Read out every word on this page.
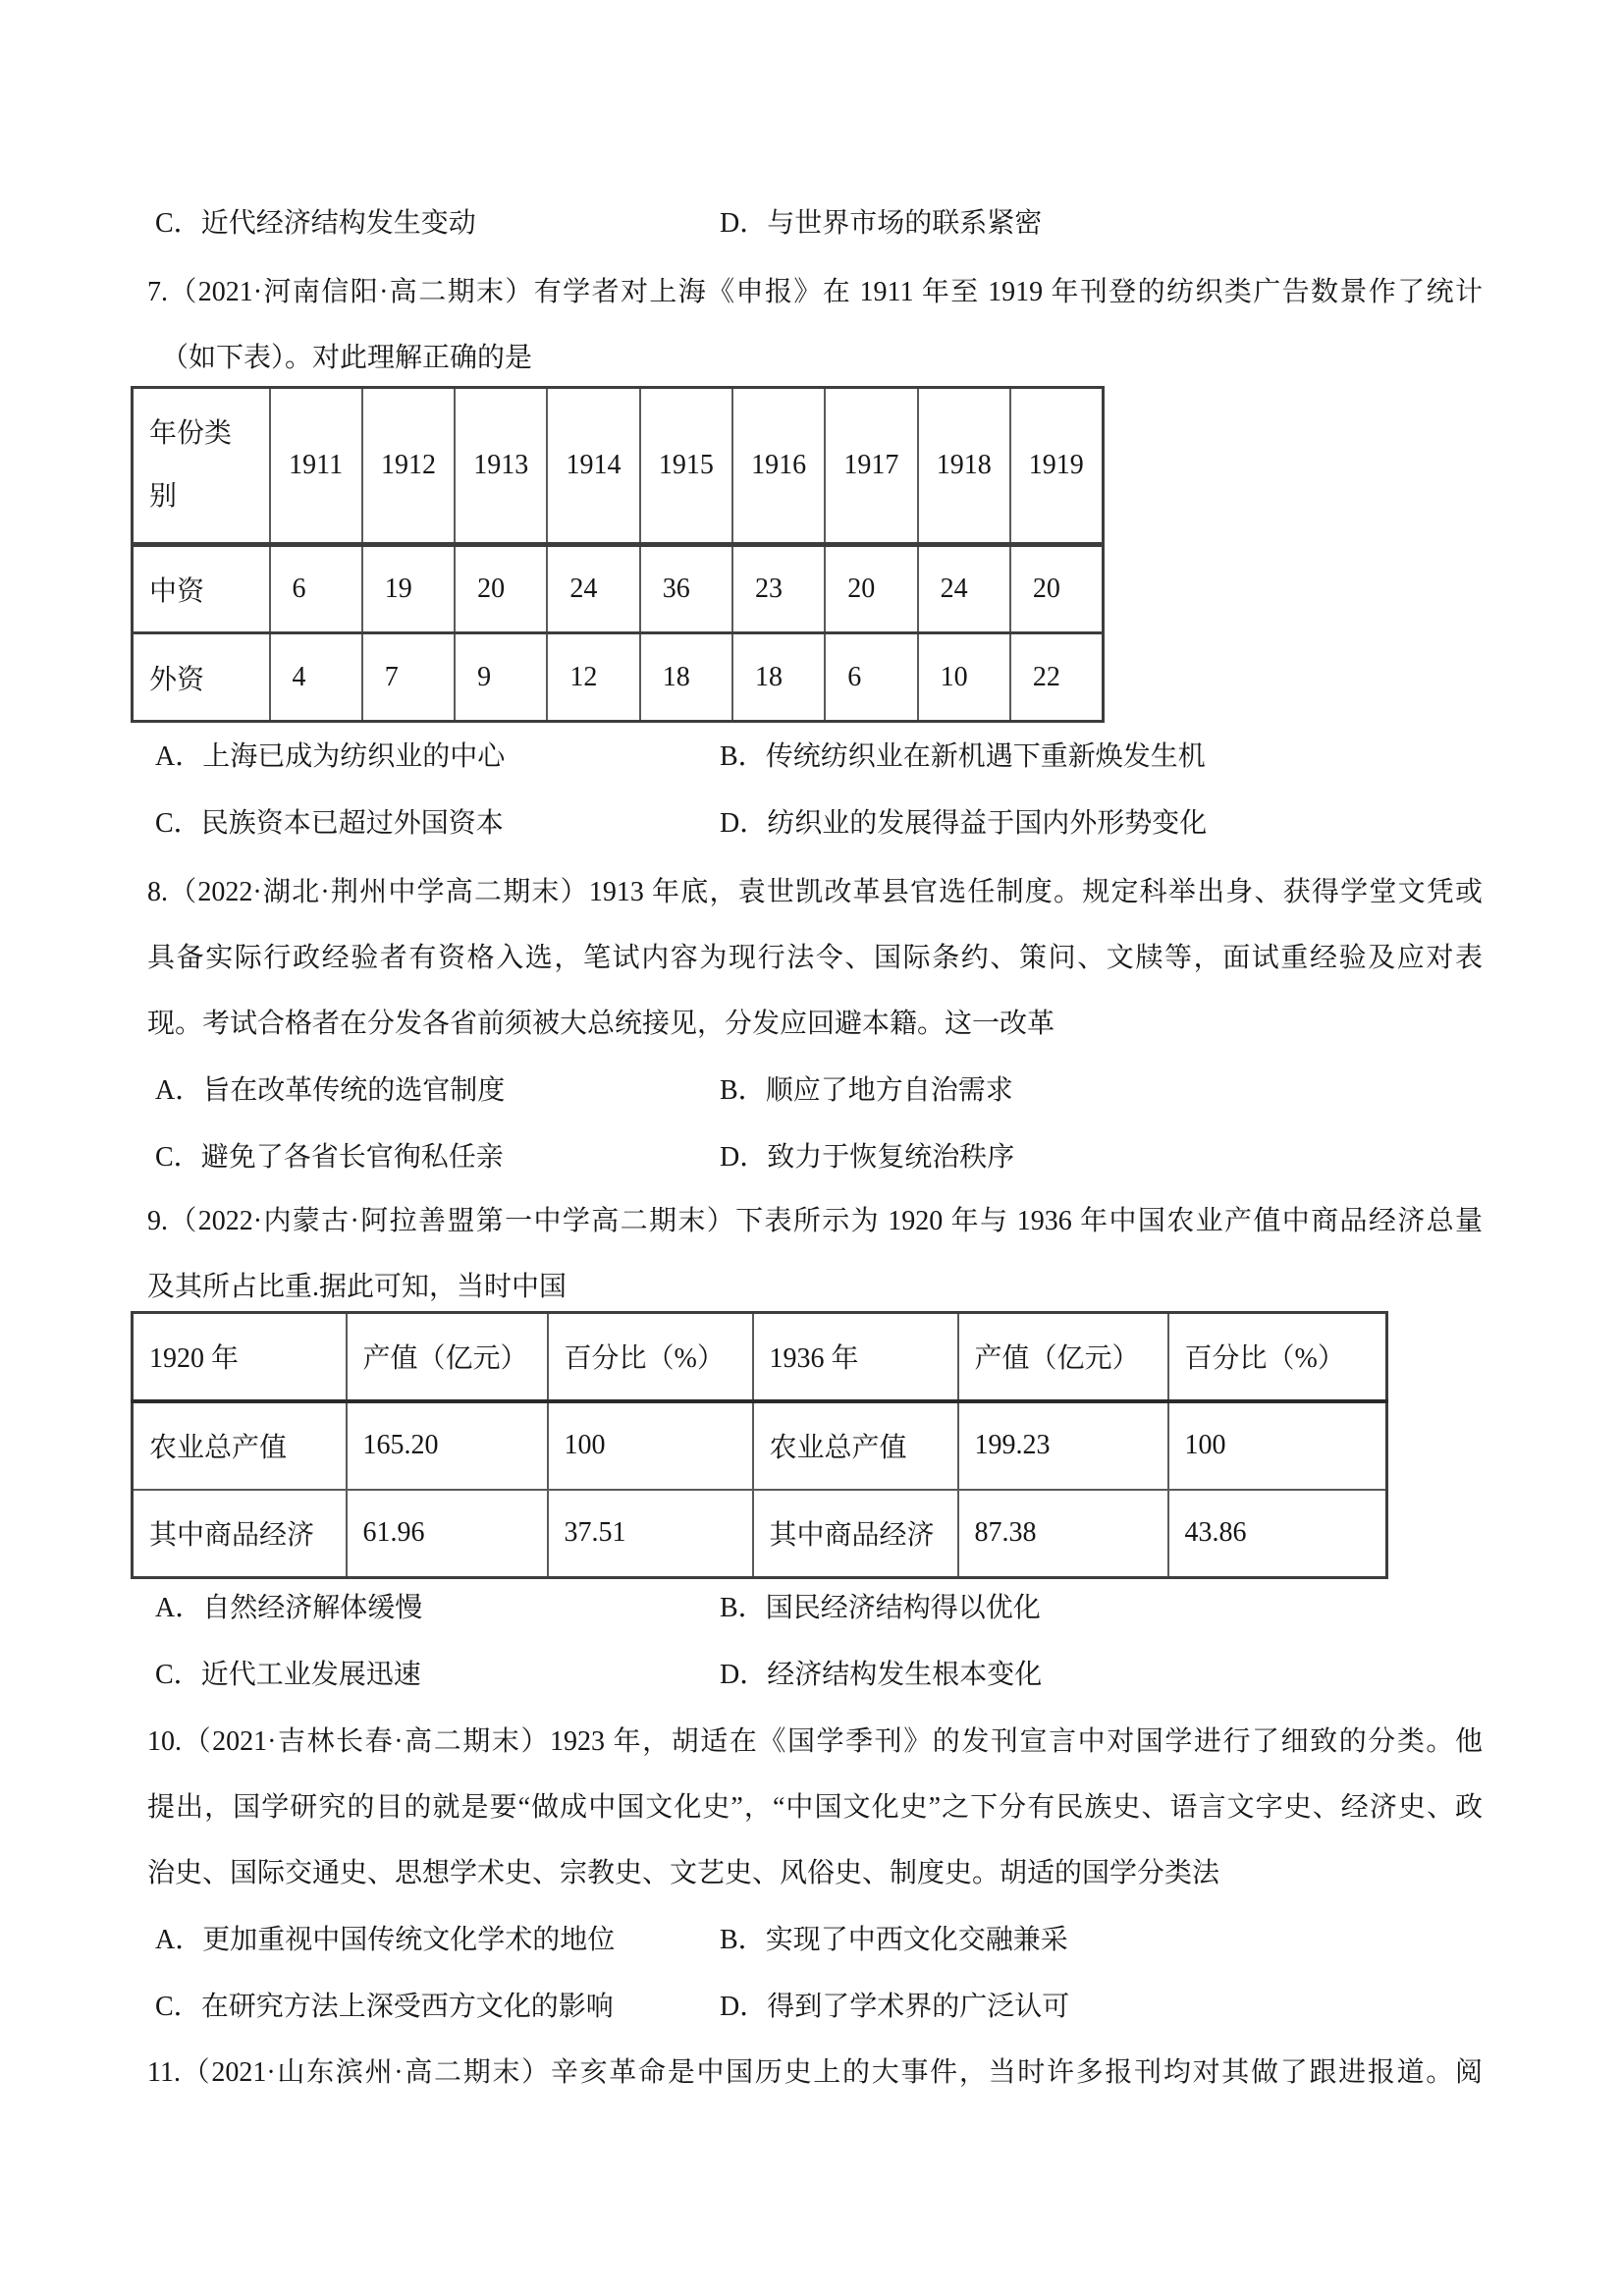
C．近代经济结构发生变动	D．与世界市场的联系紧密
7.（2021·河南信阳·高二期末）有学者对上海《申报》在 1911 年至 1919 年刊登的纺织类广告数景作了统计
（如下表）。对此理解正确的是
年份类别	1911	1912	1913	1914	1915	1916	1917	1918	1919
中资	6	19	20	24	36	23	20	24	20
外资	4	7	9	12	18	18	6	10	22
A．上海已成为纺织业的中心	B．传统纺织业在新机遇下重新焕发生机
C．民族资本已超过外国资本	D．纺织业的发展得益于国内外形势变化
8.（2022·湖北·荆州中学高二期末）1913 年底，袁世凯改革县官选任制度。规定科举出身、获得学堂文凭或
具备实际行政经验者有资格入选，笔试内容为现行法令、国际条约、策问、文牍等，面试重经验及应对表
现。考试合格者在分发各省前须被大总统接见，分发应回避本籍。这一改革
A．旨在改革传统的选官制度	B．顺应了地方自治需求
C．避免了各省长官徇私任亲	D．致力于恢复统治秩序
9.（2022·内蒙古·阿拉善盟第一中学高二期末）下表所示为 1920 年与 1936 年中国农业产值中商品经济总量
及其所占比重.据此可知，当时中国
1920 年	产值（亿元）	百分比（%）	1936 年	产值（亿元）	百分比（%）
农业总产值	165.20	100	农业总产值	199.23	100
其中商品经济	61.96	37.51	其中商品经济	87.38	43.86
A．自然经济解体缓慢	B．国民经济结构得以优化
C．近代工业发展迅速	D．经济结构发生根本变化
10.（2021·吉林长春·高二期末）1923 年，胡适在《国学季刊》的发刊宣言中对国学进行了细致的分类。他
提出，国学研究的目的就是要“做成中国文化史”，“中国文化史”之下分有民族史、语言文字史、经济史、政
治史、国际交通史、思想学术史、宗教史、文艺史、风俗史、制度史。胡适的国学分类法
A．更加重视中国传统文化学术的地位	B．实现了中西文化交融兼采
C．在研究方法上深受西方文化的影响	D．得到了学术界的广泛认可
11.（2021·山东滨州·高二期末）辛亥革命是中国历史上的大事件，当时许多报刊均对其做了跟进报道。阅
